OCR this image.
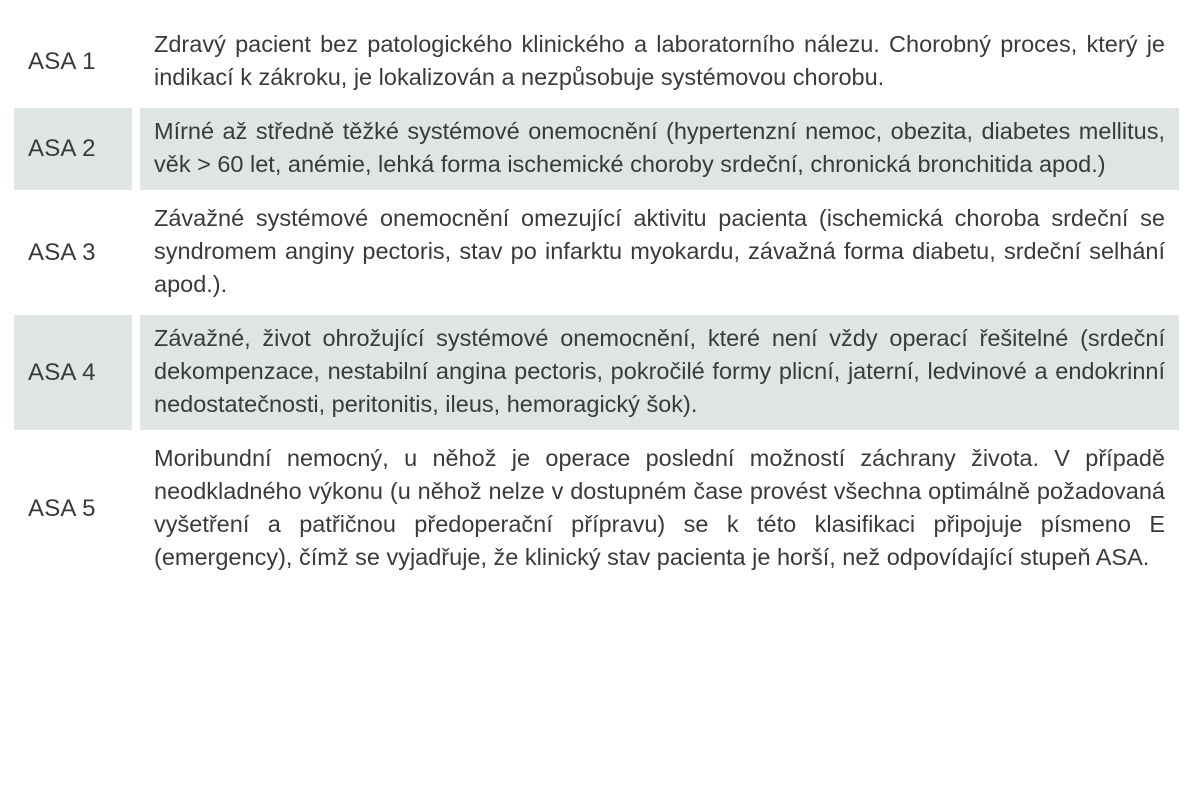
ASA 1
Zdravý pacient bez patologického klinického a laboratorního nálezu. Chorobný proces, který je indikací k zákroku, je lokalizován a nezpůsobuje systémovou chorobu.
ASA 2
Mírné až středně těžké systémové onemocnění (hypertenzní nemoc, obezita, diabetes mellitus, věk > 60 let, anémie, lehká forma ischemické choroby srdeční, chronická bronchitida apod.)
ASA 3
Závažné systémové onemocnění omezující aktivitu pacienta (ischemická choroba srdeční se syndromem anginy pectoris, stav po infarktu myokardu, závažná forma diabetu, srdeční selhání apod.).
ASA 4
Závažné, život ohrožující systémové onemocnění, které není vždy operací řešitelné (srdeční dekompenzace, nestabilní angina pectoris, pokročilé formy plicní, jaterní, ledvinové a endokrinní nedostatečnosti, peritonitis, ileus, hemoragický šok).
ASA 5
Moribundní nemocný, u něhož je operace poslední možností záchrany života. V případě neodkladného výkonu (u něhož nelze v dostupném čase provést všechna optimálně požadovaná vyšetření a patřičnou předoperační přípravu) se k této klasifikaci připojuje písmeno E (emergency), čímž se vyjadřuje, že klinický stav pacienta je horší, než odpovídající stupeň ASA.
